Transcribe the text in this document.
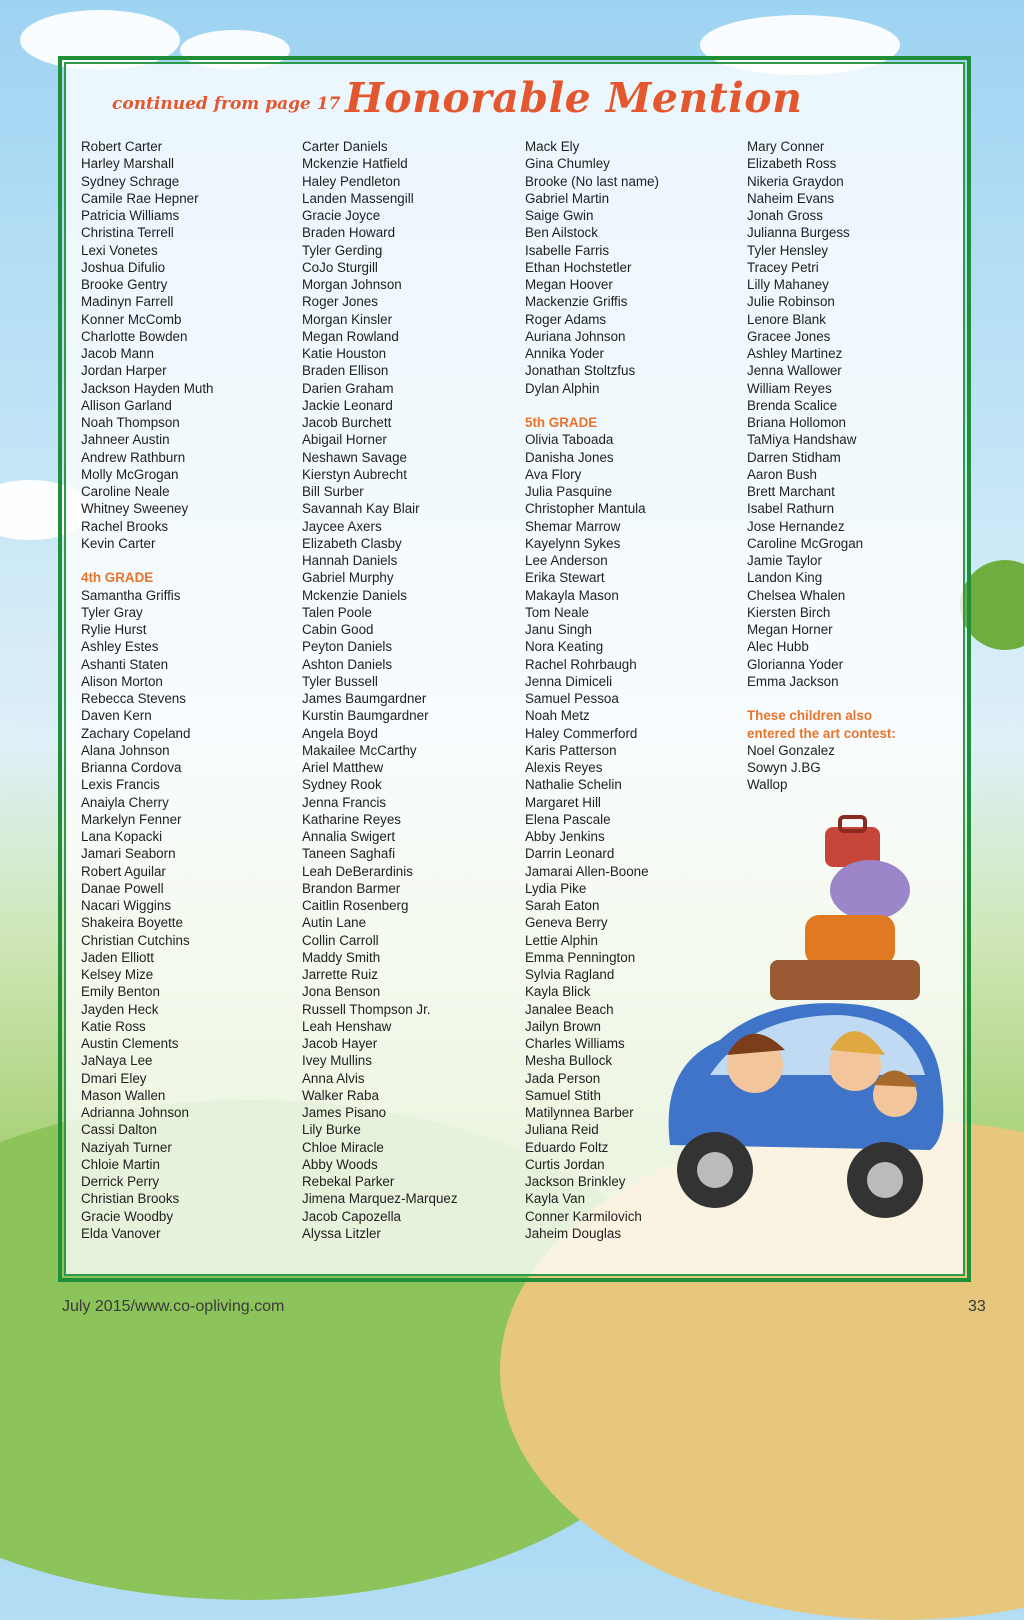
continued from page 17 Honorable Mention
Robert Carter
Harley Marshall
Sydney Schrage
Camile Rae Hepner
Patricia Williams
Christina Terrell
Lexi Vonetes
Joshua Difulio
Brooke Gentry
Madinyn Farrell
Konner McComb
Charlotte Bowden
Jacob Mann
Jordan Harper
Jackson Hayden Muth
Allison Garland
Noah Thompson
Jahneer Austin
Andrew Rathburn
Molly McGrogan
Caroline Neale
Whitney Sweeney
Rachel Brooks
Kevin Carter
4th GRADE
Samantha Griffis
Tyler Gray
Rylie Hurst
Ashley Estes
Ashanti Staten
Alison Morton
Rebecca Stevens
Daven Kern
Zachary Copeland
Alana Johnson
Brianna Cordova
Lexis Francis
Anaiyla Cherry
Markelyn Fenner
Lana Kopacki
Jamari Seaborn
Robert Aguilar
Danae Powell
Nacari Wiggins
Shakeira Boyette
Christian Cutchins
Jaden Elliott
Kelsey Mize
Emily Benton
Jayden Heck
Katie Ross
Austin Clements
JaNaya Lee
Dmari Eley
Mason Wallen
Adrianna Johnson
Cassi Dalton
Naziyah Turner
Chloie Martin
Derrick Perry
Christian Brooks
Gracie Woodby
Elda Vanover
Carter Daniels
Mckenzie Hatfield
Haley Pendleton
Landen Massengill
Gracie Joyce
Braden Howard
Tyler Gerding
CoJo Sturgill
Morgan Johnson
Roger Jones
Morgan Kinsler
Megan Rowland
Katie Houston
Braden Ellison
Darien Graham
Jackie Leonard
Jacob Burchett
Abigail Horner
Neshawn Savage
Kierstyn Aubrecht
Bill Surber
Savannah Kay Blair
Jaycee Axers
Elizabeth Clasby
Hannah Daniels
Gabriel Murphy
Mckenzie Daniels
Talen Poole
Cabin Good
Peyton Daniels
Ashton Daniels
Tyler Bussell
James Baumgardner
Kurstin Baumgardner
Angela Boyd
Makailee McCarthy
Ariel Matthew
Sydney Rook
Jenna Francis
Katharine Reyes
Annalia Swigert
Taneen Saghafi
Leah DeBerardinis
Brandon Barmer
Caitlin Rosenberg
Autin Lane
Collin Carroll
Maddy Smith
Jarrette Ruiz
Jona Benson
Russell Thompson Jr.
Leah Henshaw
Jacob Hayer
Ivey Mullins
Anna Alvis
Walker Raba
James Pisano
Lily Burke
Chloe Miracle
Abby Woods
Rebekal Parker
Jimena Marquez-Marquez
Jacob Capozella
Alyssa Litzler
Mack Ely
Gina Chumley
Brooke (No last name)
Gabriel Martin
Saige Gwin
Ben Ailstock
Isabelle Farris
Ethan Hochstetler
Megan Hoover
Mackenzie Griffis
Roger Adams
Auriana Johnson
Annika Yoder
Jonathan Stoltzfus
Dylan Alphin
5th GRADE
Olivia Taboada
Danisha Jones
Ava Flory
Julia Pasquine
Christopher Mantula
Shemar Marrow
Kayelynn Sykes
Lee Anderson
Erika Stewart
Makayla Mason
Tom Neale
Janu Singh
Nora Keating
Rachel Rohrbaugh
Jenna Dimiceli
Samuel Pessoa
Noah Metz
Haley Commerford
Karis Patterson
Alexis Reyes
Nathalie Schelin
Margaret Hill
Elena Pascale
Abby Jenkins
Darrin Leonard
Jamarai Allen-Boone
Lydia Pike
Sarah Eaton
Geneva Berry
Lettie Alphin
Emma Pennington
Sylvia Ragland
Kayla Blick
Janalee Beach
Jailyn Brown
Charles Williams
Mesha Bullock
Jada Person
Samuel Stith
Matilynnea Barber
Juliana Reid
Eduardo Foltz
Curtis Jordan
Jackson Brinkley
Kayla Van
Conner Karmilovich
Jaheim Douglas
Mary Conner
Elizabeth Ross
Nikeria Graydon
Naheim Evans
Jonah Gross
Julianna Burgess
Tyler Hensley
Tracey Petri
Lilly Mahaney
Julie Robinson
Lenore Blank
Gracee Jones
Ashley Martinez
Jenna Wallower
William Reyes
Brenda Scalice
Briana Hollomon
TaMiya Handshaw
Darren Stidham
Aaron Bush
Brett Marchant
Isabel Rathurn
Jose Hernandez
Caroline McGrogan
Jamie Taylor
Landon King
Chelsea Whalen
Kiersten Birch
Megan Horner
Alec Hubb
Glorianna Yoder
Emma Jackson
These children also
entered the art contest:
Noel Gonzalez
Sowyn J.BG
Wallop
July 2015/www.co-opliving.com	33
